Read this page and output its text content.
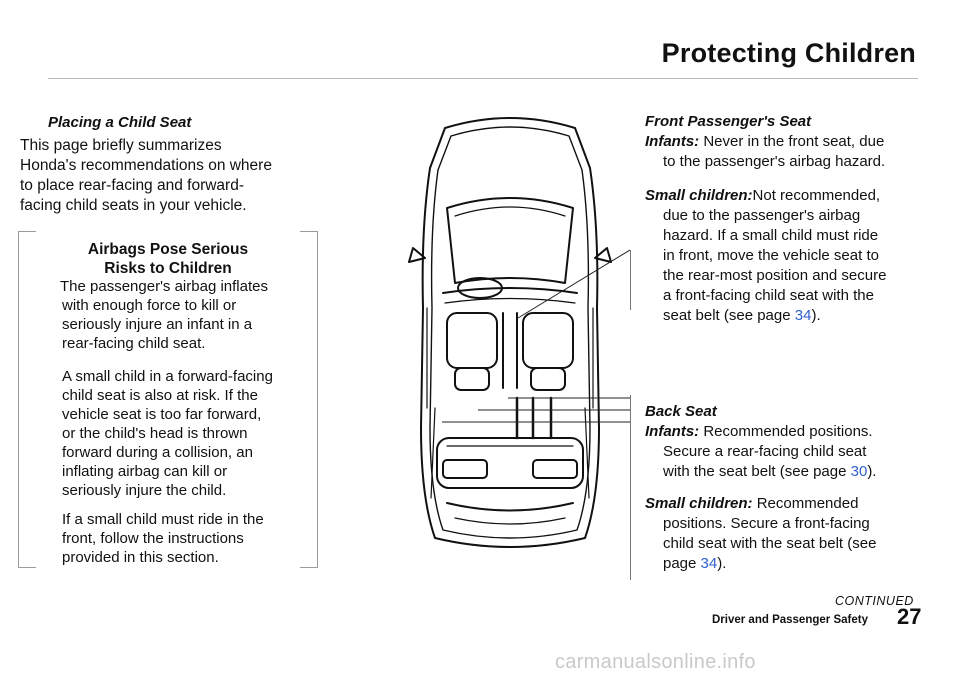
Protecting Children
Placing a Child Seat

This page briefly summarizes

Honda's recommendations on where

to place rear-facing and forward-

facing child seats in your vehicle.

Airbags Pose Serious
Risks to Children
The passenger's airbag inflates
with enough force to kill or
seriously injure an infant in a
rear-facing child seat.
A small child in a forward-facing
child seat is also at risk. If the
vehicle seat is too far forward,
or the child's head is thrown
forward during a collision, an
inflating airbag can kill or
seriously injure the child.
If a small child must ride in the
front, follow the instructions
provided in this section.

Front Passenger's Seat

Infants: Never in the front seat, due

to the passenger's airbag hazard.

Small children:Not recommended,

due to the passenger's airbag

hazard. If a small child must ride

in front, move the vehicle seat to

the rear-most position and secure

a front-facing child seat with the

seat belt (see page 34).

Back Seat

Infants: Recommended positions.

Secure a rear-facing child seat

with the seat belt (see page 30).

Small children: Recommended

positions. Secure a front-facing

child seat with the seat belt (see

page 34).

CONTINUED
Driver and Passenger Safety 27
carmanualsonline.info
